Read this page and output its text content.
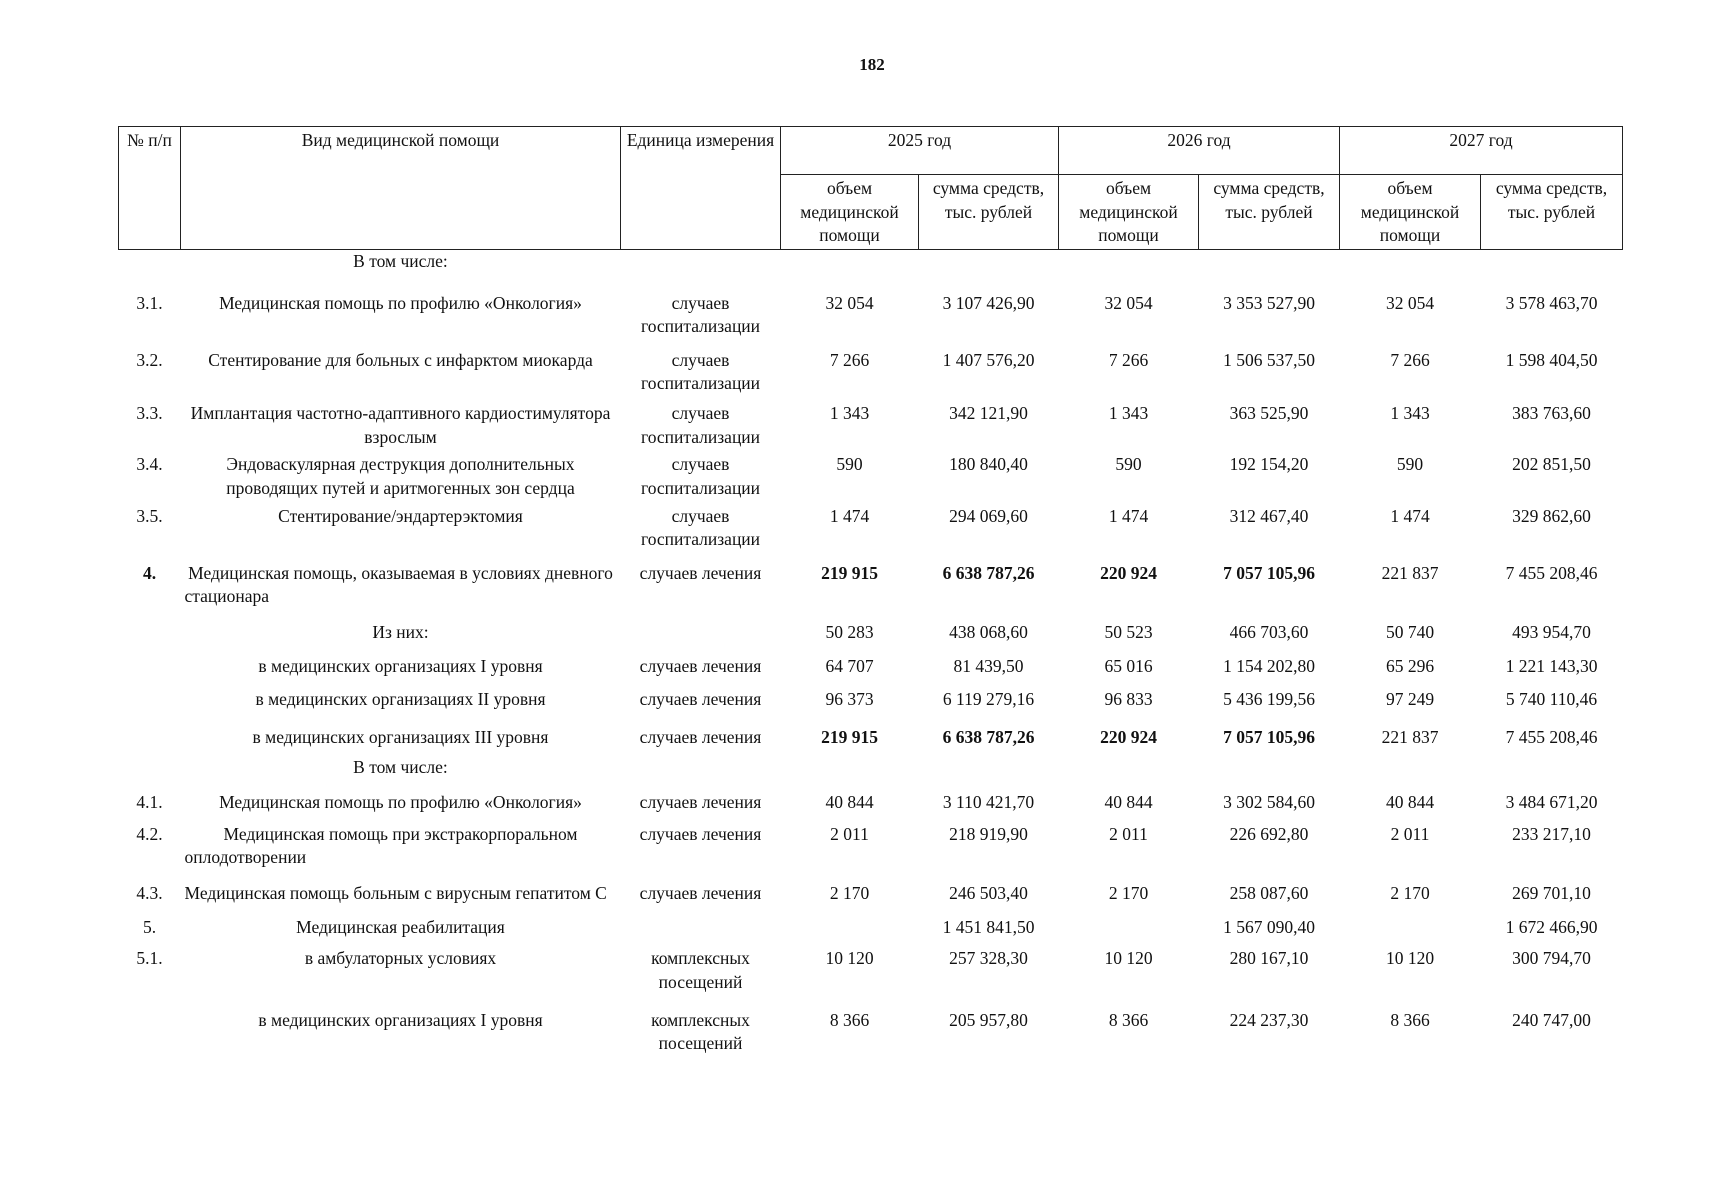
182
№ п/п	Вид медицинской помощи	Единица измерения	2025 год		2026 год		2027 год	
			объем медицинской помощи	сумма средств, тыс. рублей	объем медицинской помощи	сумма средств, тыс. рублей	объем медицинской помощи	сумма средств, тыс. рублей
	В том числе:							
3.1.	Медицинская помощь по профилю «Онкология»	случаев госпитализации	32 054	3 107 426,90	32 054	3 353 527,90	32 054	3 578 463,70
3.2.	Стентирование для больных с инфарктом миокарда	случаев госпитализации	7 266	1 407 576,20	7 266	1 506 537,50	7 266	1 598 404,50
3.3.	Имплантация частотно-адаптивного кардиостимулятора взрослым	случаев госпитализации	1 343	342 121,90	1 343	363 525,90	1 343	383 763,60
3.4.	Эндоваскулярная деструкция дополнительных проводящих путей и аритмогенных зон сердца	случаев госпитализации	590	180 840,40	590	192 154,20	590	202 851,50
3.5.	Стентирование/эндартерэктомия	случаев госпитализации	1 474	294 069,60	1 474	312 467,40	1 474	329 862,60
4.	Медицинская помощь, оказываемая в условиях дневного стационара	случаев лечения	219 915	6 638 787,26	220 924	7 057 105,96	221 837	7 455 208,46
	Из них:		50 283	438 068,60	50 523	466 703,60	50 740	493 954,70
	в медицинских организациях I уровня	случаев лечения	64 707	81 439,50	65 016	1 154 202,80	65 296	1 221 143,30
	в медицинских организациях II уровня	случаев лечения	96 373	6 119 279,16	96 833	5 436 199,56	97 249	5 740 110,46
	в медицинских организациях III уровня	случаев лечения	219 915	6 638 787,26	220 924	7 057 105,96	221 837	7 455 208,46
	В том числе:							
4.1.	Медицинская помощь по профилю «Онкология»	случаев лечения	40 844	3 110 421,70	40 844	3 302 584,60	40 844	3 484 671,20
4.2.	Медицинская помощь при экстракорпоральном оплодотворении	случаев лечения	2 011	218 919,90	2 011	226 692,80	2 011	233 217,10
4.3.	Медицинская помощь больным с вирусным гепатитом С	случаев лечения	2 170	246 503,40	2 170	258 087,60	2 170	269 701,10
5.	Медицинская реабилитация			1 451 841,50		1 567 090,40		1 672 466,90
5.1.	в амбулаторных условиях	комплексных посещений	10 120	257 328,30	10 120	280 167,10	10 120	300 794,70
	в медицинских организациях I уровня	комплексных посещений	8 366	205 957,80	8 366	224 237,30	8 366	240 747,00
